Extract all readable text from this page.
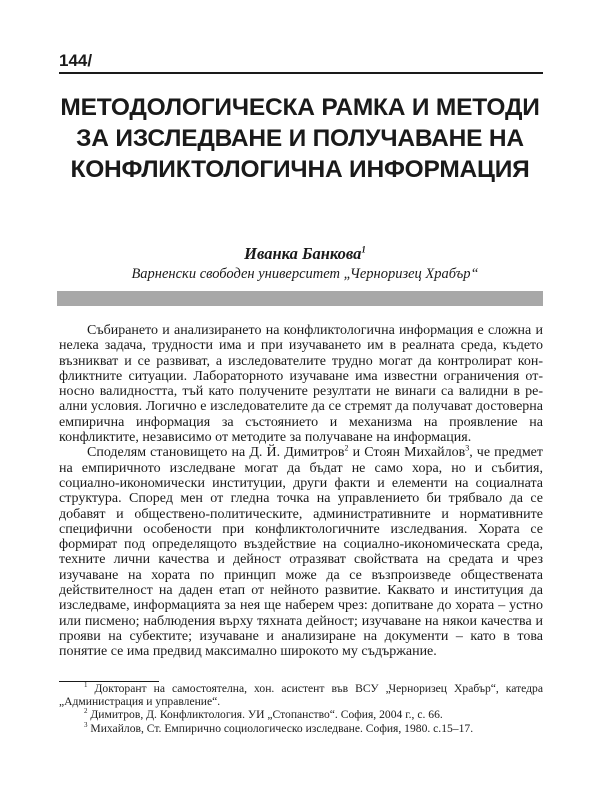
144/
МЕТОДОЛОГИЧЕСКА РАМКА И МЕТОДИ
ЗА ИЗСЛЕДВАНЕ И ПОЛУЧАВАНЕ НА
КОНФЛИКТОЛОГИЧНА ИНФОРМАЦИЯ
Иванка Банкова$^1$
Варненски свободен университет „Черноризец Храбър“

Събирането и анализирането на конфликтологична информация е сложна и нелека задача, трудности има и при изучаването им в реалната среда, където възникват и се развиват, а изследователите трудно могат да контролират конфликтните ситуации. Лабораторното изучаване има известни ограничения относно валидността, тъй като получените резултати не винаги са валидни в реални условия. Логично е изследователите да се стремят да получават достоверна емпирична информация за състоянието и механизма на проявление на конфликтите, независимо от методите за получаване на информация.

Споделям становището на Д. Й. Димитров$^2$ и Стоян Михайлов$^3$, че предмет на емпиричното изследване могат да бъдат не само хора, но и събития, социално-икономически институции, други факти и елементи на социалната структура. Според мен от гледна точка на управлението би трябвало да се добавят и обществено-политическите, административните и нормативните специфични особености при конфликтологичните изследвания. Хората се формират под определящото въздействие на социално-икономическата среда, техните лични качества и дейност отразяват свойствата на средата и чрез изучаване на хората по принцип може да се възпроизведе обществената действителност на даден етап от нейното развитие. Каквато и институция да изследваме, информацията за нея ще наберем чрез: допитване до хората – устно или писмено; наблюдения върху тяхната дейност; изучаване на някои качества и прояви на субектите; изучаване и анализиране на документи – като в това понятие се има предвид максимално широкото му съдържание.

$^1$ Докторант на самостоятелна, хон. асистент във ВСУ „Черноризец Храбър“, катедра „Администрация и управление“.

$^2$ Димитров, Д. Конфликтология. УИ „Стопанство“. София, 2004 г., с. 66.

$^3$ Михайлов, Ст. Емпирично социологическо изследване. София, 1980. с.15–17.
